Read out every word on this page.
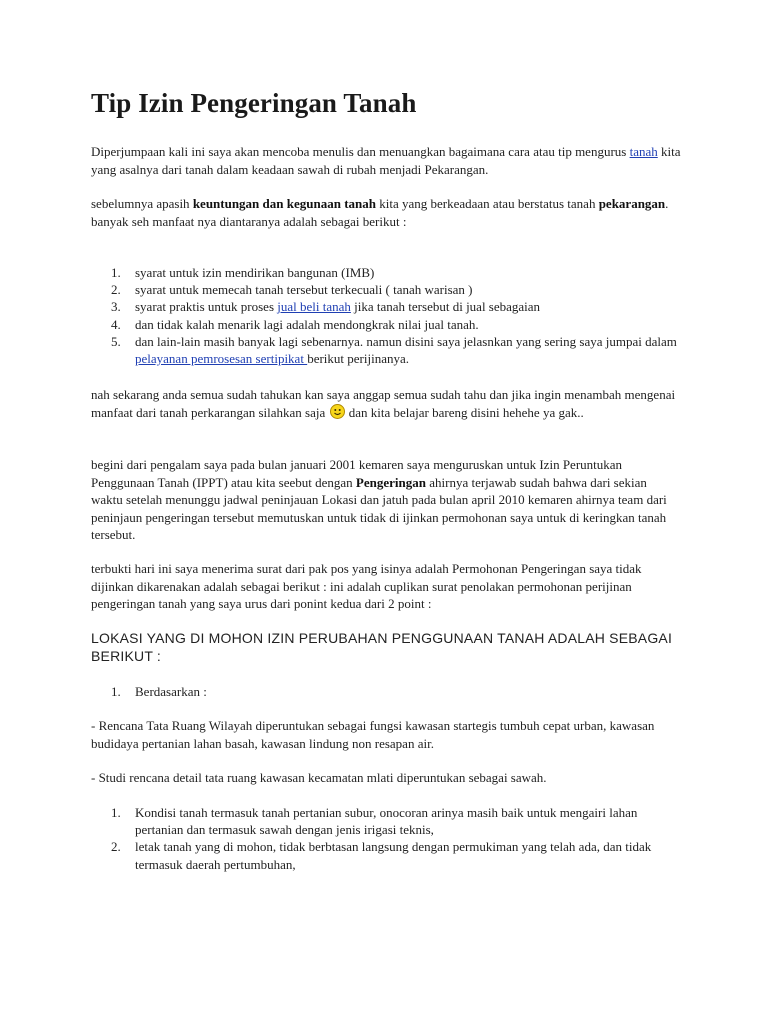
Tip Izin Pengeringan Tanah

Diperjumpaan kali ini saya akan mencoba menulis dan menuangkan bagaimana cara atau tip mengurus tanah kita yang asalnya dari tanah dalam keadaan sawah di rubah menjadi Pekarangan.

sebelumnya apasih keuntungan dan kegunaan tanah kita yang berkeadaan atau berstatus tanah pekarangan.
banyak seh manfaat nya diantaranya adalah sebagai berikut :

1. syarat untuk izin mendirikan bangunan (IMB)
2. syarat untuk memecah tanah tersebut terkecuali ( tanah warisan )
3. syarat praktis untuk proses jual beli tanah jika tanah tersebut di jual sebagaian
4. dan tidak kalah menarik lagi adalah mendongkrak nilai jual tanah.
5. dan lain-lain masih banyak lagi sebenarnya. namun disini saya jelasnkan yang sering saya jumpai dalam pelayanan pemrosesan sertipikat berikut perijinanya.

nah sekarang anda semua sudah tahukan kan saya anggap semua sudah tahu dan jika ingin menambah mengenai manfaat dari tanah perkarangan silahkan saja
dan kita belajar bareng disini hehehe ya gak..

begini dari pengalam saya pada bulan januari 2001 kemaren saya menguruskan untuk Izin Peruntukan Penggunaan Tanah (IPPT) atau kita seebut dengan Pengeringan ahirnya terjawab sudah bahwa dari sekian waktu setelah menunggu jadwal peninjauan Lokasi dan jatuh pada bulan april 2010 kemaren ahirnya team dari peninjaun pengeringan tersebut memutuskan untuk tidak di ijinkan permohonan saya untuk di keringkan tanah tersebut.

terbukti hari ini saya menerima surat dari pak pos yang isinya adalah Permohonan Pengeringan saya tidak dijinkan dikarenakan adalah sebagai berikut : ini adalah cuplikan surat penolakan permohonan perijinan pengeringan tanah yang saya urus dari ponint kedua dari 2 point :

LOKASI YANG DI MOHON IZIN PERUBAHAN PENGGUNAAN TANAH ADALAH SEBAGAI BERIKUT :

1. Berdasarkan :

- Rencana Tata Ruang Wilayah diperuntukan sebagai fungsi kawasan startegis tumbuh cepat urban, kawasan budidaya pertanian lahan basah, kawasan lindung non resapan air.

- Studi rencana detail tata ruang kawasan kecamatan mlati diperuntukan sebagai sawah.

1. Kondisi tanah termasuk tanah pertanian subur, onocoran arinya masih baik untuk mengairi lahan pertanian dan termasuk sawah dengan jenis irigasi teknis,
2. letak tanah yang di mohon, tidak berbtasan langsung dengan permukiman yang telah ada, dan tidak termasuk daerah pertumbuhan,
